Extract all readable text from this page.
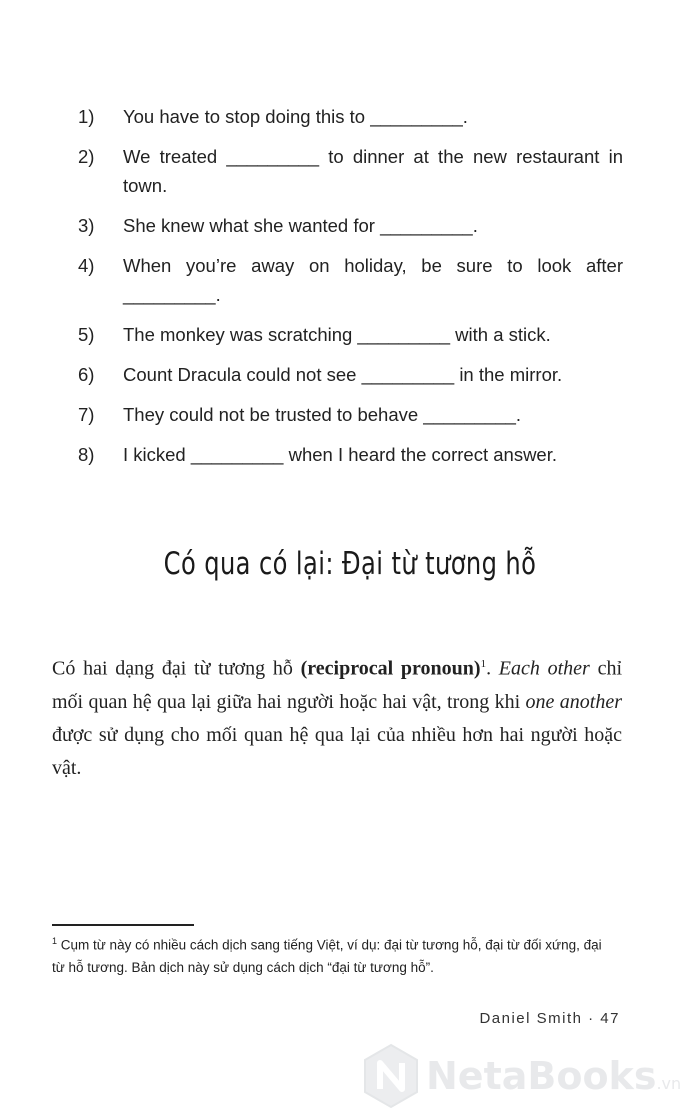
1)	You have to stop doing this to _________.
2)	We treated _________ to dinner at the new restaurant in town.
3)	She knew what she wanted for _________.
4)	When you’re away on holiday, be sure to look after _________.
5)	The monkey was scratching _________ with a stick.
6)	Count Dracula could not see _________ in the mirror.
7)	They could not be trusted to behave _________.
8)	I kicked _________ when I heard the correct answer.
Có qua có lại: Đại từ tương hỗ

Có hai dạng đại từ tương hỗ (reciprocal pronoun)$^1$. Each other chỉ mối quan hệ qua lại giữa hai người hoặc hai vật, trong khi one another được sử dụng cho mối quan hệ qua lại của nhiều hơn hai người hoặc vật.

$^1$ Cụm từ này có nhiều cách dịch sang tiếng Việt, ví dụ: đại từ tương hỗ, đại từ đối xứng, đại từ hỗ tương. Bản dịch này sử dụng cách dịch “đại từ tương hỗ”.
Daniel Smith · 47
NetaBooks.vn
